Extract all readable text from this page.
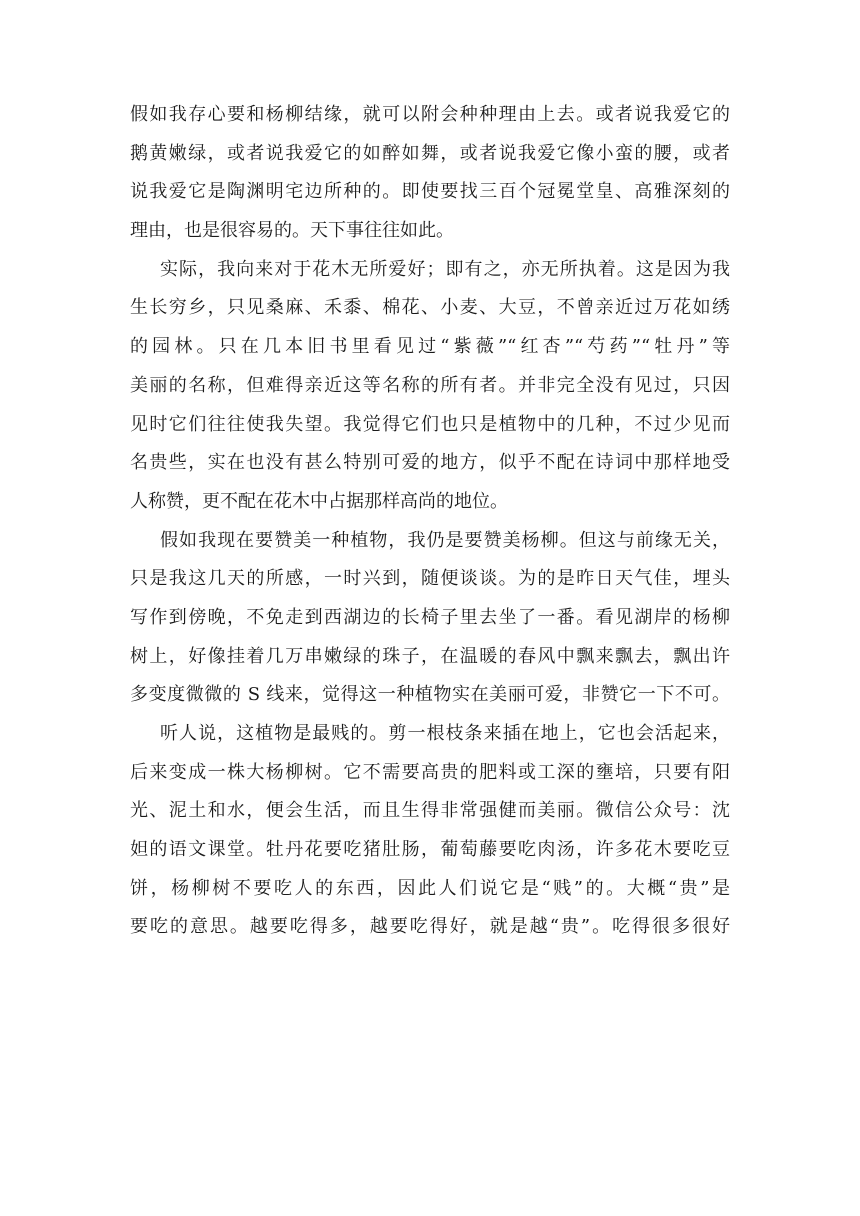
假如我存心要和杨柳结缘，就可以附会种种理由上去。或者说我爱它的
鹅黄嫩绿，或者说我爱它的如醉如舞，或者说我爱它像小蛮的腰，或者
说我爱它是陶渊明宅边所种的。即使要找三百个冠冕堂皇、高雅深刻的
理由，也是很容易的。天下事往往如此。
实际，我向来对于花木无所爱好；即有之，亦无所执着。这是因为我
生长穷乡，只见桑麻、禾黍、棉花、小麦、大豆，不曾亲近过万花如绣
的园林。只在几本旧书里看见过“紫薇”“红杏”“芍药”“牡丹”等
美丽的名称，但难得亲近这等名称的所有者。并非完全没有见过，只因
见时它们往往使我失望。我觉得它们也只是植物中的几种，不过少见而
名贵些，实在也没有甚么特别可爱的地方，似乎不配在诗词中那样地受
人称赞，更不配在花木中占据那样高尚的地位。
假如我现在要赞美一种植物，我仍是要赞美杨柳。但这与前缘无关，
只是我这几天的所感，一时兴到，随便谈谈。为的是昨日天气佳，埋头
写作到傍晚，不免走到西湖边的长椅子里去坐了一番。看见湖岸的杨柳
树上，好像挂着几万串嫩绿的珠子，在温暖的春风中飘来飘去，飘出许
多变度微微的 S 线来，觉得这一种植物实在美丽可爱，非赞它一下不可。
听人说，这植物是最贱的。剪一根枝条来插在地上，它也会活起来，
后来变成一株大杨柳树。它不需要高贵的肥料或工深的壅培，只要有阳
光、泥土和水，便会生活，而且生得非常强健而美丽。微信公众号：沈
妲的语文课堂。牡丹花要吃猪肚肠，葡萄藤要吃肉汤，许多花木要吃豆
饼，杨柳树不要吃人的东西，因此人们说它是“贱”的。大概“贵”是
要吃的意思。越要吃得多，越要吃得好，就是越“贵”。吃得很多很好
